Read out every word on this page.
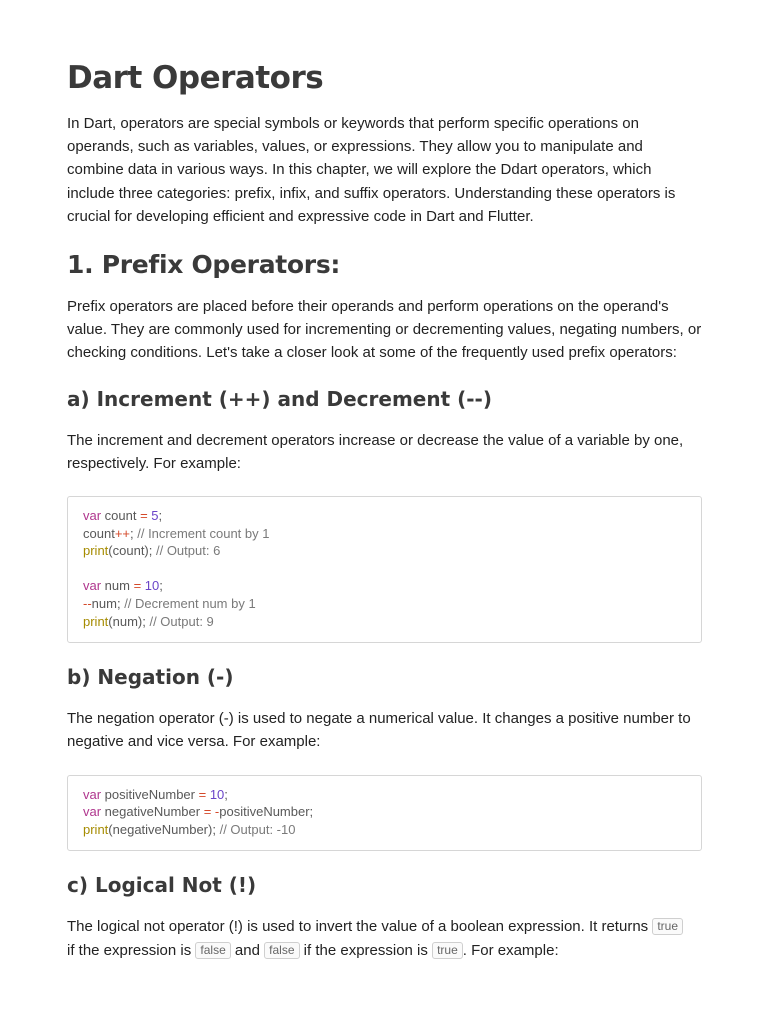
Dart Operators

In Dart, operators are special symbols or keywords that perform specific operations on operands, such as variables, values, or expressions. They allow you to manipulate and combine data in various ways. In this chapter, we will explore the Ddart operators, which include three categories: prefix, infix, and suffix operators. Understanding these operators is crucial for developing efficient and expressive code in Dart and Flutter.

1. Prefix Operators:

Prefix operators are placed before their operands and perform operations on the operand's value. They are commonly used for incrementing or decrementing values, negating numbers, or checking conditions. Let's take a closer look at some of the frequently used prefix operators:

a) Increment (++) and Decrement (--)

The increment and decrement operators increase or decrease the value of a variable by one, respectively. For example:

var count = 5;
count++; // Increment count by 1
print(count); // Output: 6
var num = 10;
--num; // Decrement num by 1
print(num); // Output: 9
b) Negation (-)

The negation operator (-) is used to negate a numerical value. It changes a positive number to negative and vice versa. For example:

var positiveNumber = 10;
var negativeNumber = -positiveNumber;
print(negativeNumber); // Output: -10
c) Logical Not (!)

The logical not operator (!) is used to invert the value of a boolean expression. It returns true
if the expression is false and false if the expression is true . For example:
